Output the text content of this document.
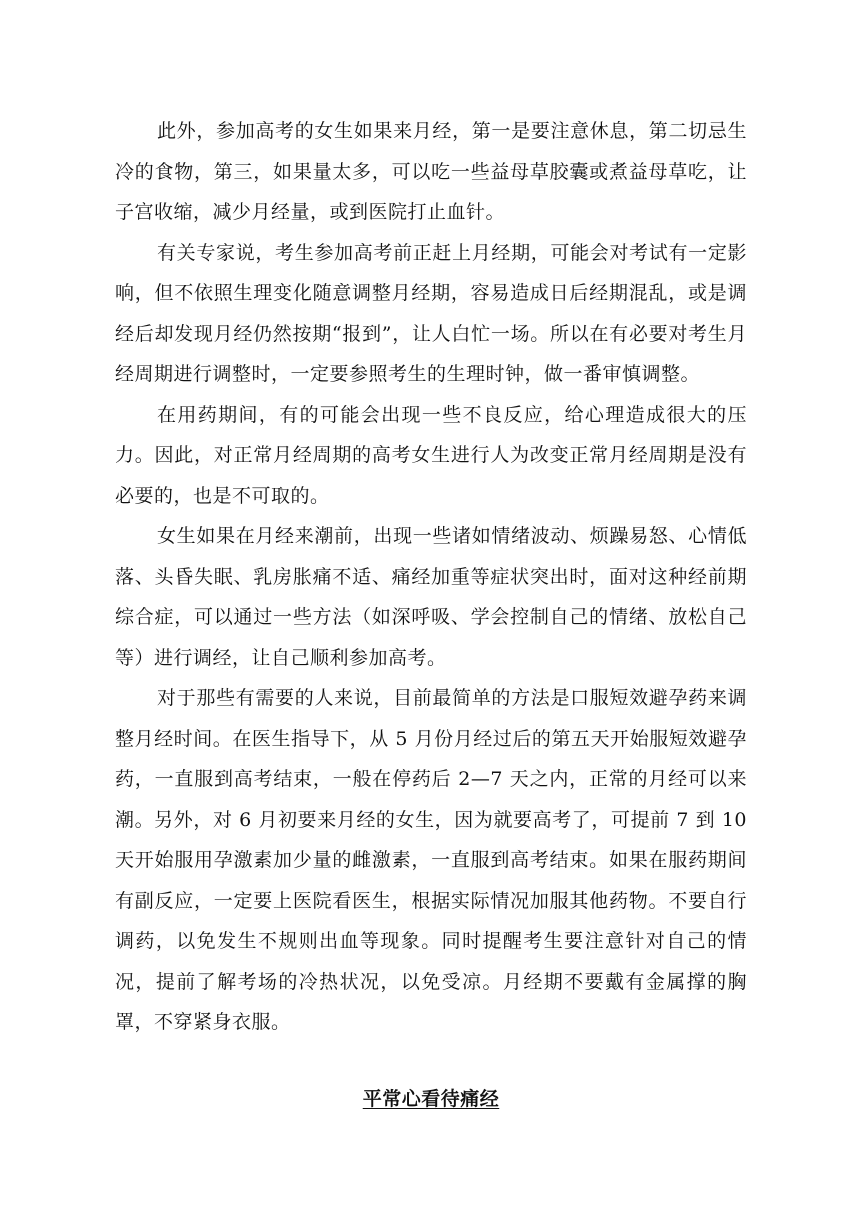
此外，参加高考的女生如果来月经，第一是要注意休息，第二切忌生冷的食物，第三，如果量太多，可以吃一些益母草胶囊或煮益母草吃，让子宫收缩，减少月经量，或到医院打止血针。

有关专家说，考生参加高考前正赶上月经期，可能会对考试有一定影响，但不依照生理变化随意调整月经期，容易造成日后经期混乱，或是调经后却发现月经仍然按期“报到”，让人白忙一场。所以在有必要对考生月经周期进行调整时，一定要参照考生的生理时钟，做一番审慎调整。

在用药期间，有的可能会出现一些不良反应，给心理造成很大的压力。因此，对正常月经周期的高考女生进行人为改变正常月经周期是没有必要的，也是不可取的。

女生如果在月经来潮前，出现一些诸如情绪波动、烦躁易怒、心情低落、头昏失眠、乳房胀痛不适、痛经加重等症状突出时，面对这种经前期综合症，可以通过一些方法（如深呼吸、学会控制自己的情绪、放松自己等）进行调经，让自己顺利参加高考。

对于那些有需要的人来说，目前最简单的方法是口服短效避孕药来调整月经时间。在医生指导下，从 5 月份月经过后的第五天开始服短效避孕药，一直服到高考结束，一般在停药后 2—7 天之内，正常的月经可以来潮。另外，对 6 月初要来月经的女生，因为就要高考了，可提前 7 到 10 天开始服用孕激素加少量的雌激素，一直服到高考结束。如果在服药期间有副反应，一定要上医院看医生，根据实际情况加服其他药物。不要自行调药，以免发生不规则出血等现象。同时提醒考生要注意针对自己的情况，提前了解考场的冷热状况，以免受凉。月经期不要戴有金属撑的胸罩，不穿紧身衣服。

平常心看待痛经
